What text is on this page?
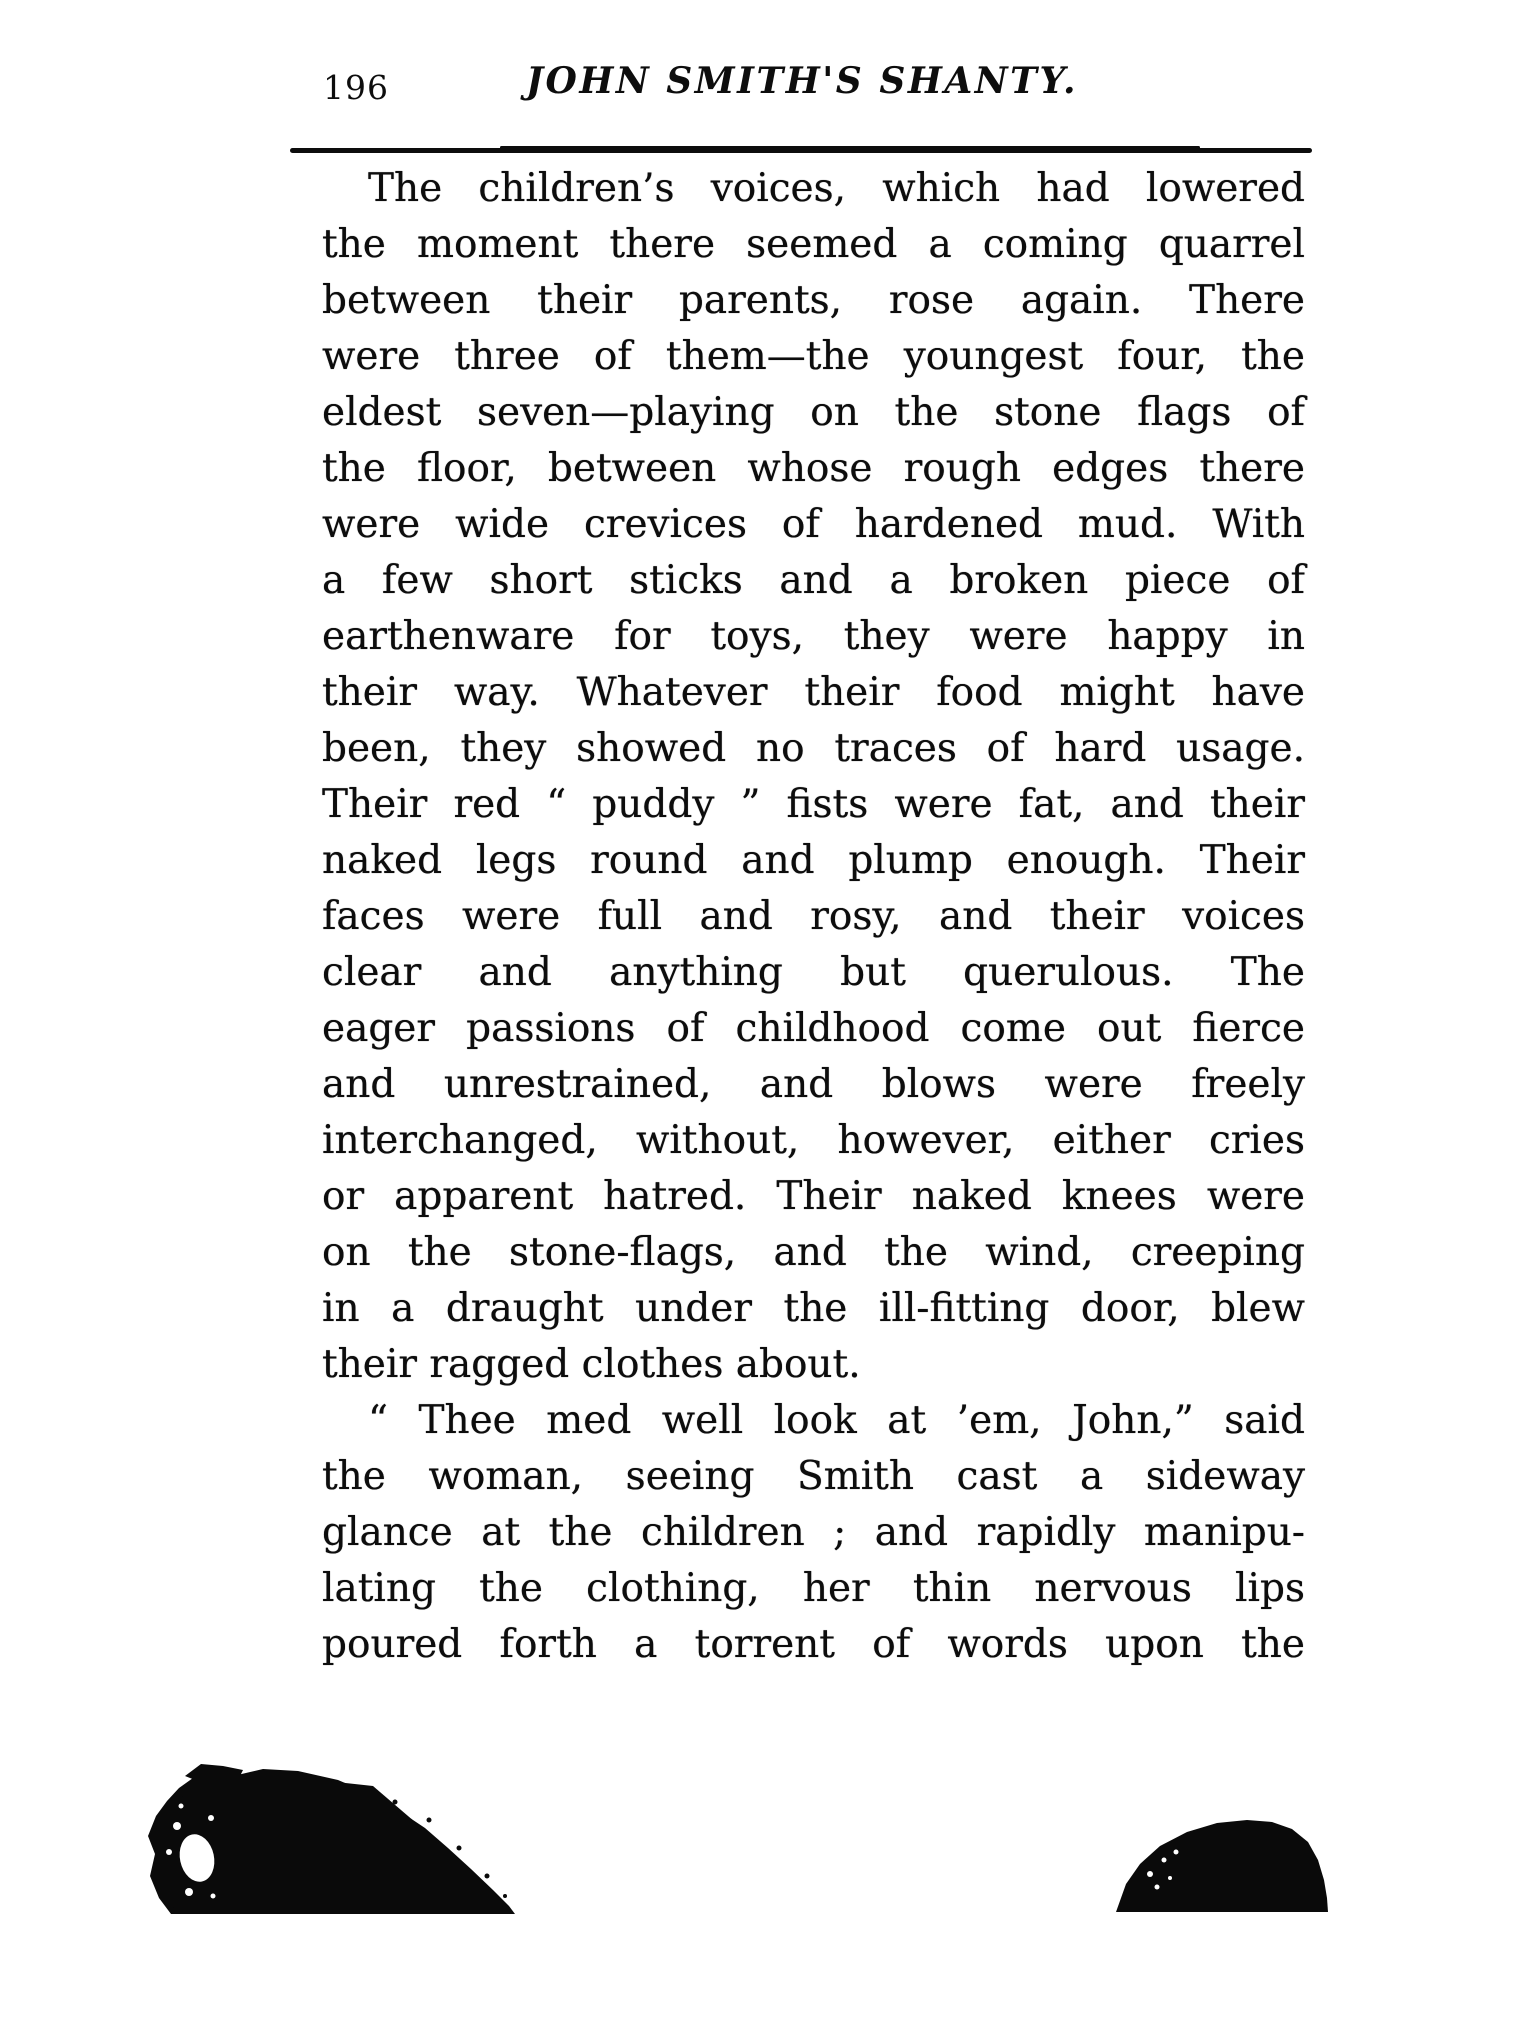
196	JOHN SMITH'S SHANTY.
The children’s voices, which had lowered
the moment there seemed a coming quarrel
between their parents, rose again. There
were three of them—the youngest four, the
eldest seven—playing on the stone flags of
the floor, between whose rough edges there
were wide crevices of hardened mud. With
a few short sticks and a broken piece of
earthenware for toys, they were happy in
their way. Whatever their food might have
been, they showed no traces of hard usage.
Their red “ puddy ” fists were fat, and their
naked legs round and plump enough. Their
faces were full and rosy, and their voices
clear and anything but querulous. The
eager passions of childhood come out fierce
and unrestrained, and blows were freely
interchanged, without, however, either cries
or apparent hatred. Their naked knees were
on the stone-flags, and the wind, creeping
in a draught under the ill-fitting door, blew
their ragged clothes about.
“ Thee med well look at ’em, John,” said
the woman, seeing Smith cast a sideway
glance at the children ; and rapidly manipu-
lating the clothing, her thin nervous lips
poured forth a torrent of words upon the
